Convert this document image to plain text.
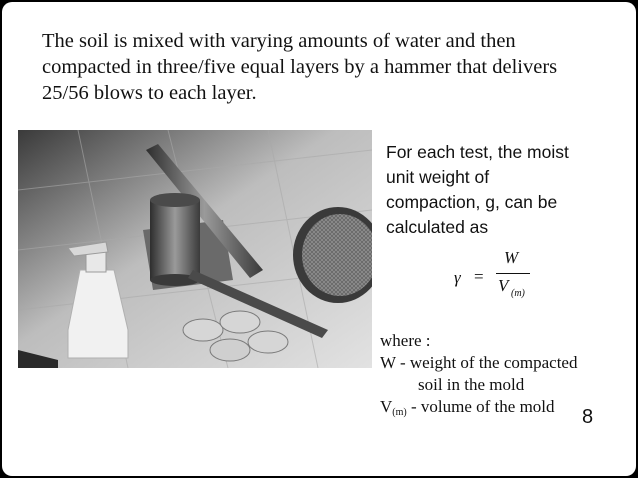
The soil is mixed with varying amounts of water and then
compacted in three/five equal layers by a hammer that delivers
25/56 blows to each layer.
For each test, the moist
unit weight of
compaction, g, can be
calculated as
γ =
W
V (m)
where :
W - weight of the compacted
soil in the mold
V(m) - volume of the mold	8
